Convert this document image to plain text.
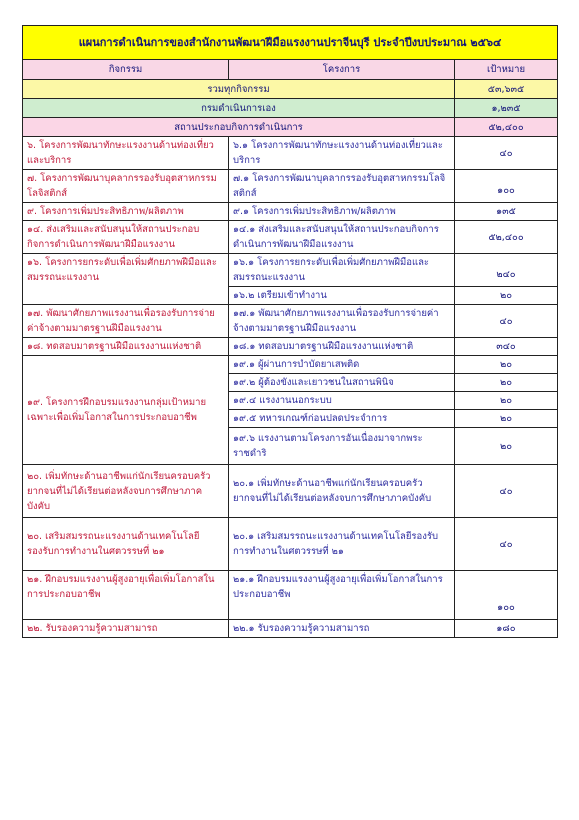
แผนการดำเนินการของสำนักงานพัฒนาฝีมือแรงงานปราจีนบุรี ประจำปีงบประมาณ ๒๕๖๔		
กิจกรรม	โครงการ	เป้าหมาย
รวมทุกกิจกรรม		๕๓,๖๓๕
กรมดำเนินการเอง		๑,๒๓๕
สถานประกอบกิจการดำเนินการ		๕๒,๔๐๐
๖. โครงการพัฒนาทักษะแรงงานด้านท่องเที่ยวและบริการ	๖.๑ โครงการพัฒนาทักษะแรงงานด้านท่องเที่ยวและบริการ	๔๐
๗. โครงการพัฒนาบุคลากรรองรับอุตสาหกรรมโลจิสติกส์	๗.๑ โครงการพัฒนาบุคลากรรองรับอุตสาหกรรมโลจิสติกส์	๑๐๐
๙. โครงการเพิ่มประสิทธิภาพ/ผลิตภาพ	๙.๑ โครงการเพิ่มประสิทธิภาพ/ผลิตภาพ	๑๓๕
๑๔. ส่งเสริมและสนับสนุนให้สถานประกอบกิจการดำเนินการพัฒนาฝีมือแรงงาน	๑๔.๑ ส่งเสริมและสนับสนุนให้สถานประกอบกิจการดำเนินการพัฒนาฝีมือแรงงาน	๕๒,๔๐๐
๑๖. โครงการยกระดับเพื่อเพิ่มศักยภาพฝีมือและสมรรถนะแรงงาน	๑๖.๑ โครงการยกระดับเพื่อเพิ่มศักยภาพฝีมือและสมรรถนะแรงงาน	๒๔๐
	๑๖.๒ เตรียมเข้าทำงาน	๒๐
๑๗. พัฒนาศักยภาพแรงงานเพื่อรองรับการจ่ายค่าจ้างตามมาตรฐานฝีมือแรงงาน	๑๗.๑ พัฒนาศักยภาพแรงงานเพื่อรองรับการจ่ายค่าจ้างตามมาตรฐานฝีมือแรงงาน	๔๐
๑๘. ทดสอบมาตรฐานฝีมือแรงงานแห่งชาติ	๑๘.๑ ทดสอบมาตรฐานฝีมือแรงงานแห่งชาติ	๓๔๐
๑๙. โครงการฝึกอบรมแรงงานกลุ่มเป้าหมายเฉพาะเพื่อเพิ่มโอกาสในการประกอบอาชีพ	๑๙.๑ ผู้ผ่านการบำบัดยาเสพติด	๒๐
	๑๙.๒ ผู้ต้องขังและเยาวชนในสถานพินิจ	๒๐
	๑๙.๔ แรงงานนอกระบบ	๒๐
	๑๙.๕ ทหารเกณฑ์ก่อนปลดประจำการ	๒๐
	๑๙.๖ แรงงานตามโครงการอันเนื่องมาจากพระราชดำริ	๒๐
๒๐. เพิ่มทักษะด้านอาชีพแก่นักเรียนครอบครัวยากจนที่ไม่ได้เรียนต่อหลังจบการศึกษาภาคบังคับ	๒๐.๑ เพิ่มทักษะด้านอาชีพแก่นักเรียนครอบครัวยากจนที่ไม่ได้เรียนต่อหลังจบการศึกษาภาคบังคับ	๔๐
๒๐. เสริมสมรรถนะแรงงานด้านเทคโนโลยีรองรับการทำงานในศตวรรษที่ ๒๑	๒๐.๑ เสริมสมรรถนะแรงงานด้านเทคโนโลยีรองรับการทำงานในศตวรรษที่ ๒๑	๔๐
๒๑. ฝึกอบรมแรงงานผู้สูงอายุเพื่อเพิ่มโอกาสในการประกอบอาชีพ	๒๑.๑ ฝึกอบรมแรงงานผู้สูงอายุเพื่อเพิ่มโอกาสในการประกอบอาชีพ	๑๐๐
๒๒. รับรองความรู้ความสามารถ	๒๒.๑ รับรองความรู้ความสามารถ	๑๘๐
